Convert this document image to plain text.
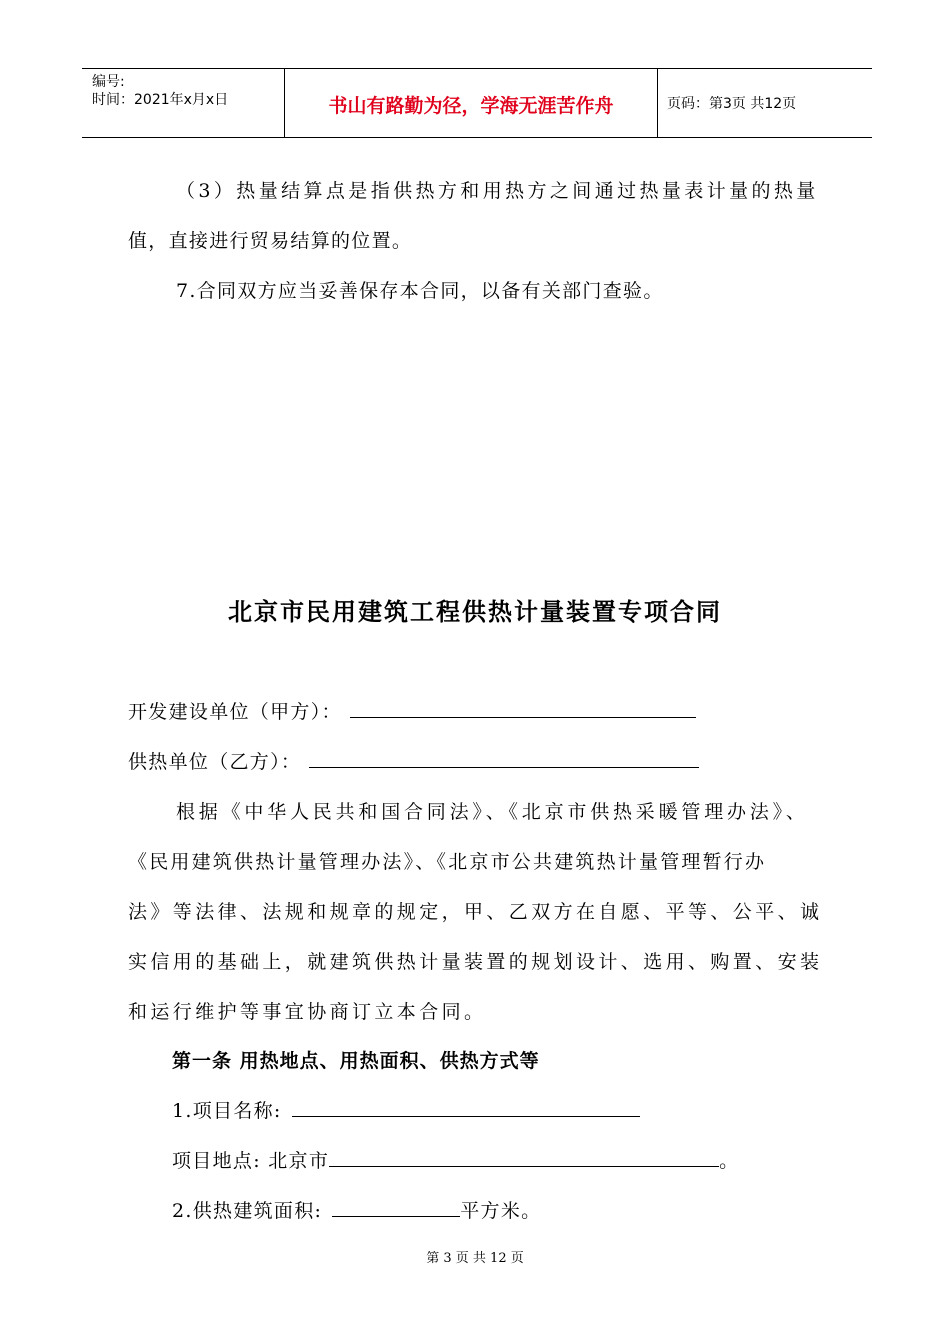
编号:
时间：2021年x月x日	书山有路勤为径，学海无涯苦作舟	页码：第3页 共12页
（3）热量结算点是指供热方和用热方之间通过热量表计量的热量
值，直接进行贸易结算的位置。
7.合同双方应当妥善保存本合同，以备有关部门查验。
北京市民用建筑工程供热计量装置专项合同
开发建设单位（甲方）：
供热单位（乙方）：
根据《中华人民共和国合同法》、《北京市供热采暖管理办法》、
《民用建筑供热计量管理办法》、《北京市公共建筑热计量管理暂行办
法》等法律、法规和规章的规定，甲、乙双方在自愿、平等、公平、诚
实信用的基础上，就建筑供热计量装置的规划设计、选用、购置、安装
和运行维护等事宜协商订立本合同。
第一条 用热地点、用热面积、供热方式等
1.项目名称:
项目地点: 北京市	。
2.供热建筑面积:	平方米。
第 3 页 共 12 页
